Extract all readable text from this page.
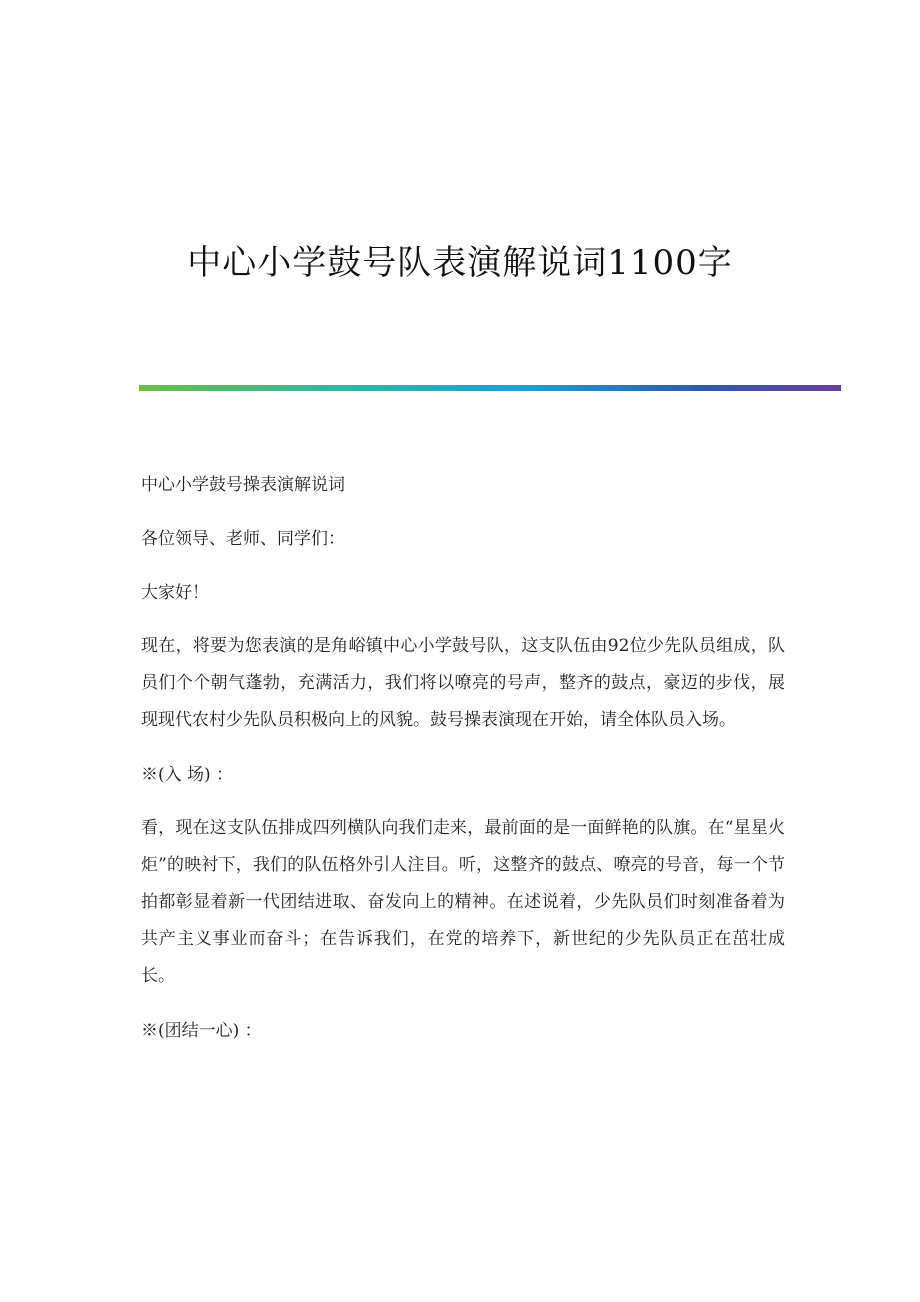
中心小学鼓号队表演解说词1100字

中心小学鼓号操表演解说词

各位领导、老师、同学们：

大家好！

现在，将要为您表演的是角峪镇中心小学鼓号队，这支队伍由92位少先队员组成，队员们个个朝气蓬勃，充满活力，我们将以嘹亮的号声，整齐的鼓点，豪迈的步伐，展现现代农村少先队员积极向上的风貌。鼓号操表演现在开始，请全体队员入场。

※(入 场) ：

看，现在这支队伍排成四列横队向我们走来，最前面的是一面鲜艳的队旗。在“星星火炬”的映衬下，我们的队伍格外引人注目。听，这整齐的鼓点、嘹亮的号音，每一个节拍都彰显着新一代团结进取、奋发向上的精神。在述说着，少先队员们时刻准备着为共产主义事业而奋斗；在告诉我们，在党的培养下，新世纪的少先队员正在茁壮成长。

※(团结一心) ：
